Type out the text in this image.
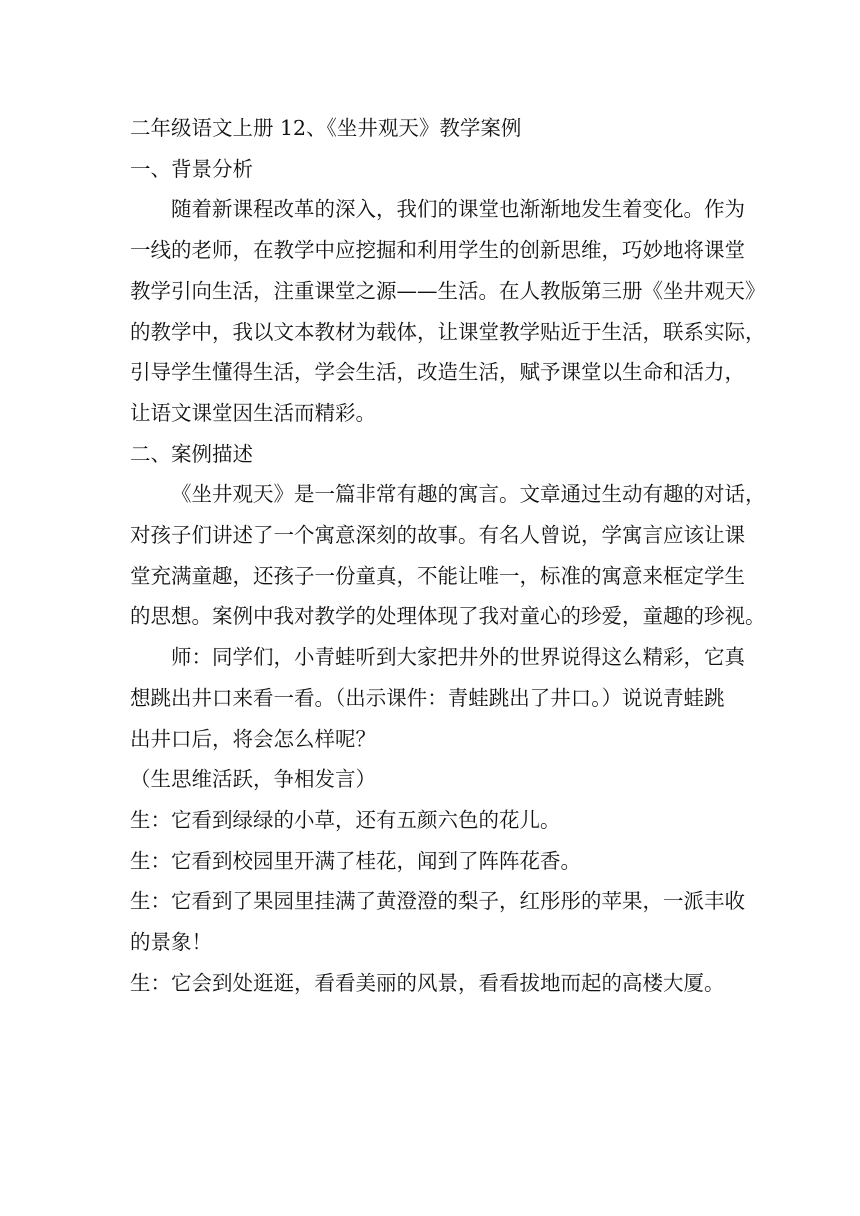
二年级语文上册 12、《坐井观天》教学案例
一、背景分析
随着新课程改革的深入，我们的课堂也渐渐地发生着变化。作为
一线的老师，在教学中应挖掘和利用学生的创新思维，巧妙地将课堂
教学引向生活，注重课堂之源——生活。在人教版第三册《坐井观天》
的教学中，我以文本教材为载体，让课堂教学贴近于生活，联系实际，
引导学生懂得生活，学会生活，改造生活，赋予课堂以生命和活力，
让语文课堂因生活而精彩。
二、案例描述
《坐井观天》是一篇非常有趣的寓言。文章通过生动有趣的对话，
对孩子们讲述了一个寓意深刻的故事。有名人曾说，学寓言应该让课
堂充满童趣，还孩子一份童真，不能让唯一，标准的寓意来框定学生
的思想。案例中我对教学的处理体现了我对童心的珍爱，童趣的珍视。
师：同学们，小青蛙听到大家把井外的世界说得这么精彩，它真
想跳出井口来看一看。（出示课件：青蛙跳出了井口。）说说青蛙跳
出井口后，将会怎么样呢？
（生思维活跃，争相发言）
生：它看到绿绿的小草，还有五颜六色的花儿。
生：它看到校园里开满了桂花，闻到了阵阵花香。
生：它看到了果园里挂满了黄澄澄的梨子，红彤彤的苹果，一派丰收
的景象！
生：它会到处逛逛，看看美丽的风景，看看拔地而起的高楼大厦。
